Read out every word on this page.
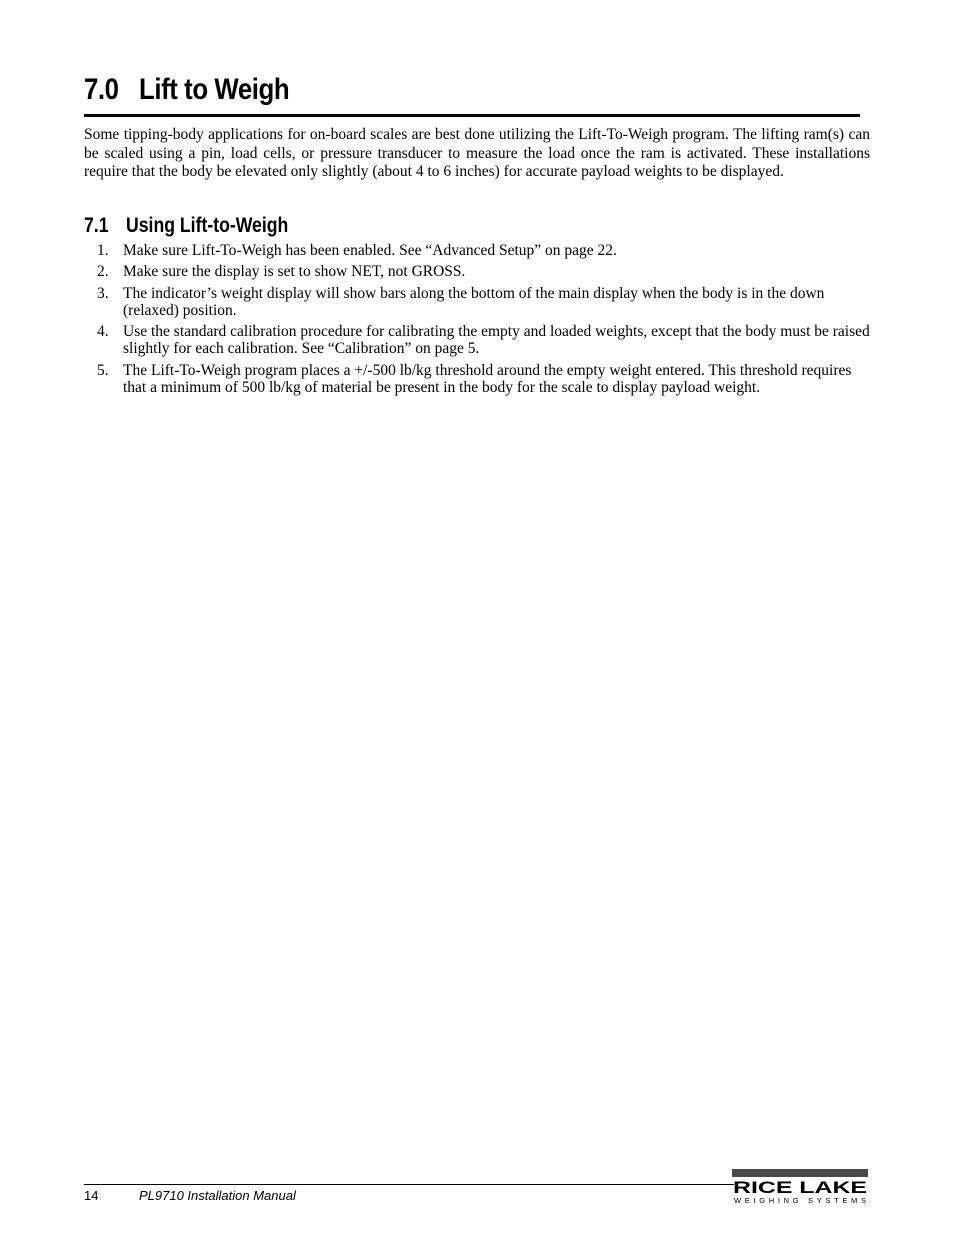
7.0 Lift to Weigh

Some tipping-body applications for on-board scales are best done utilizing the Lift-To-Weigh program. The lifting ram(s) can be scaled using a pin, load cells, or pressure transducer to measure the load once the ram is activated. These installations require that the body be elevated only slightly (about 4 to 6 inches) for accurate payload weights to be displayed.

7.1 Using Lift-to-Weigh
1. Make sure Lift-To-Weigh has been enabled. See “Advanced Setup” on page 22.
2. Make sure the display is set to show NET, not GROSS.
3. The indicator’s weight display will show bars along the bottom of the main display when the body is in the down (relaxed) position.
4. Use the standard calibration procedure for calibrating the empty and loaded weights, except that the body must be raised slightly for each calibration. See “Calibration” on page 5.
5. The Lift-To-Weigh program places a +/-500 lb/kg threshold around the empty weight entered. This threshold requires that a minimum of 500 lb/kg of material be present in the body for the scale to display payload weight.
14	PL9710 Installation Manual	RICE LAKE
WEIGHING SYSTEMS
